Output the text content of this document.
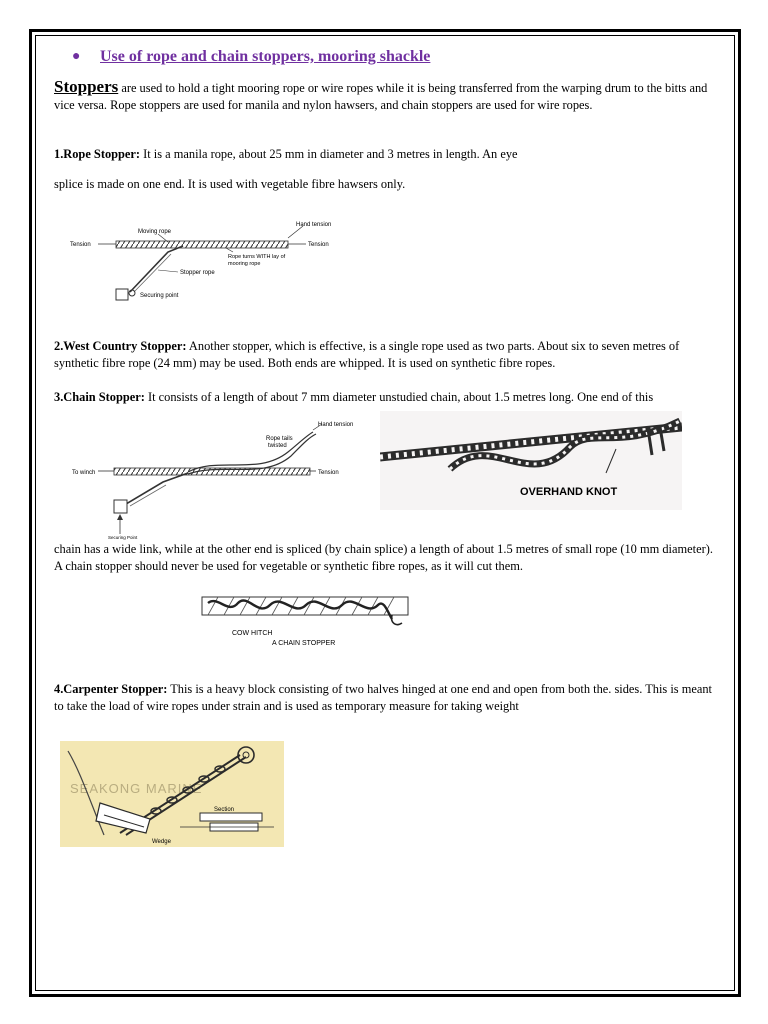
● Use of rope and chain stoppers, mooring shackle
Stoppers are used to hold a tight mooring rope or wire ropes while it is being transferred from the warping drum to the bitts and vice versa. Rope stoppers are used for manila and nylon hawsers, and chain stoppers are used for wire ropes.
1.Rope Stopper: It is a manila rope, about 25 mm in diameter and 3 metres in length. An eye
splice is made on one end. It is used with vegetable fibre hawsers only.
Moving rope
Hand tension
Tension	Tension
Rope turns WITH lay of
mooring rope
Stopper rope
Securing point
2.West Country Stopper: Another stopper, which is effective, is a single rope used as two parts. About six to seven metres of synthetic fibre rope (24 mm) may be used. Both ends are whipped. It is used on synthetic fibre ropes.
3.Chain Stopper: It consists of a length of about 7 mm diameter unstudied chain, about 1.5 metres long. One end of this
Hand tension
Rope tails
twisted
To winch	Tension
Securing Point
OVERHAND KNOT
chain has a wide link, while at the other end is spliced (by chain splice) a length of about 1.5 metres of small rope (10 mm diameter). A chain stopper should never be used for vegetable or synthetic fibre ropes, as it will cut them.
COW HITCH
A CHAIN STOPPER
4.Carpenter Stopper: This is a heavy block consisting of two halves hinged at one end and open from both the. sides. This is meant to take the load of wire ropes under strain and is used as temporary measure for taking weight
SEAKONG MARINE
Section
Wedge
